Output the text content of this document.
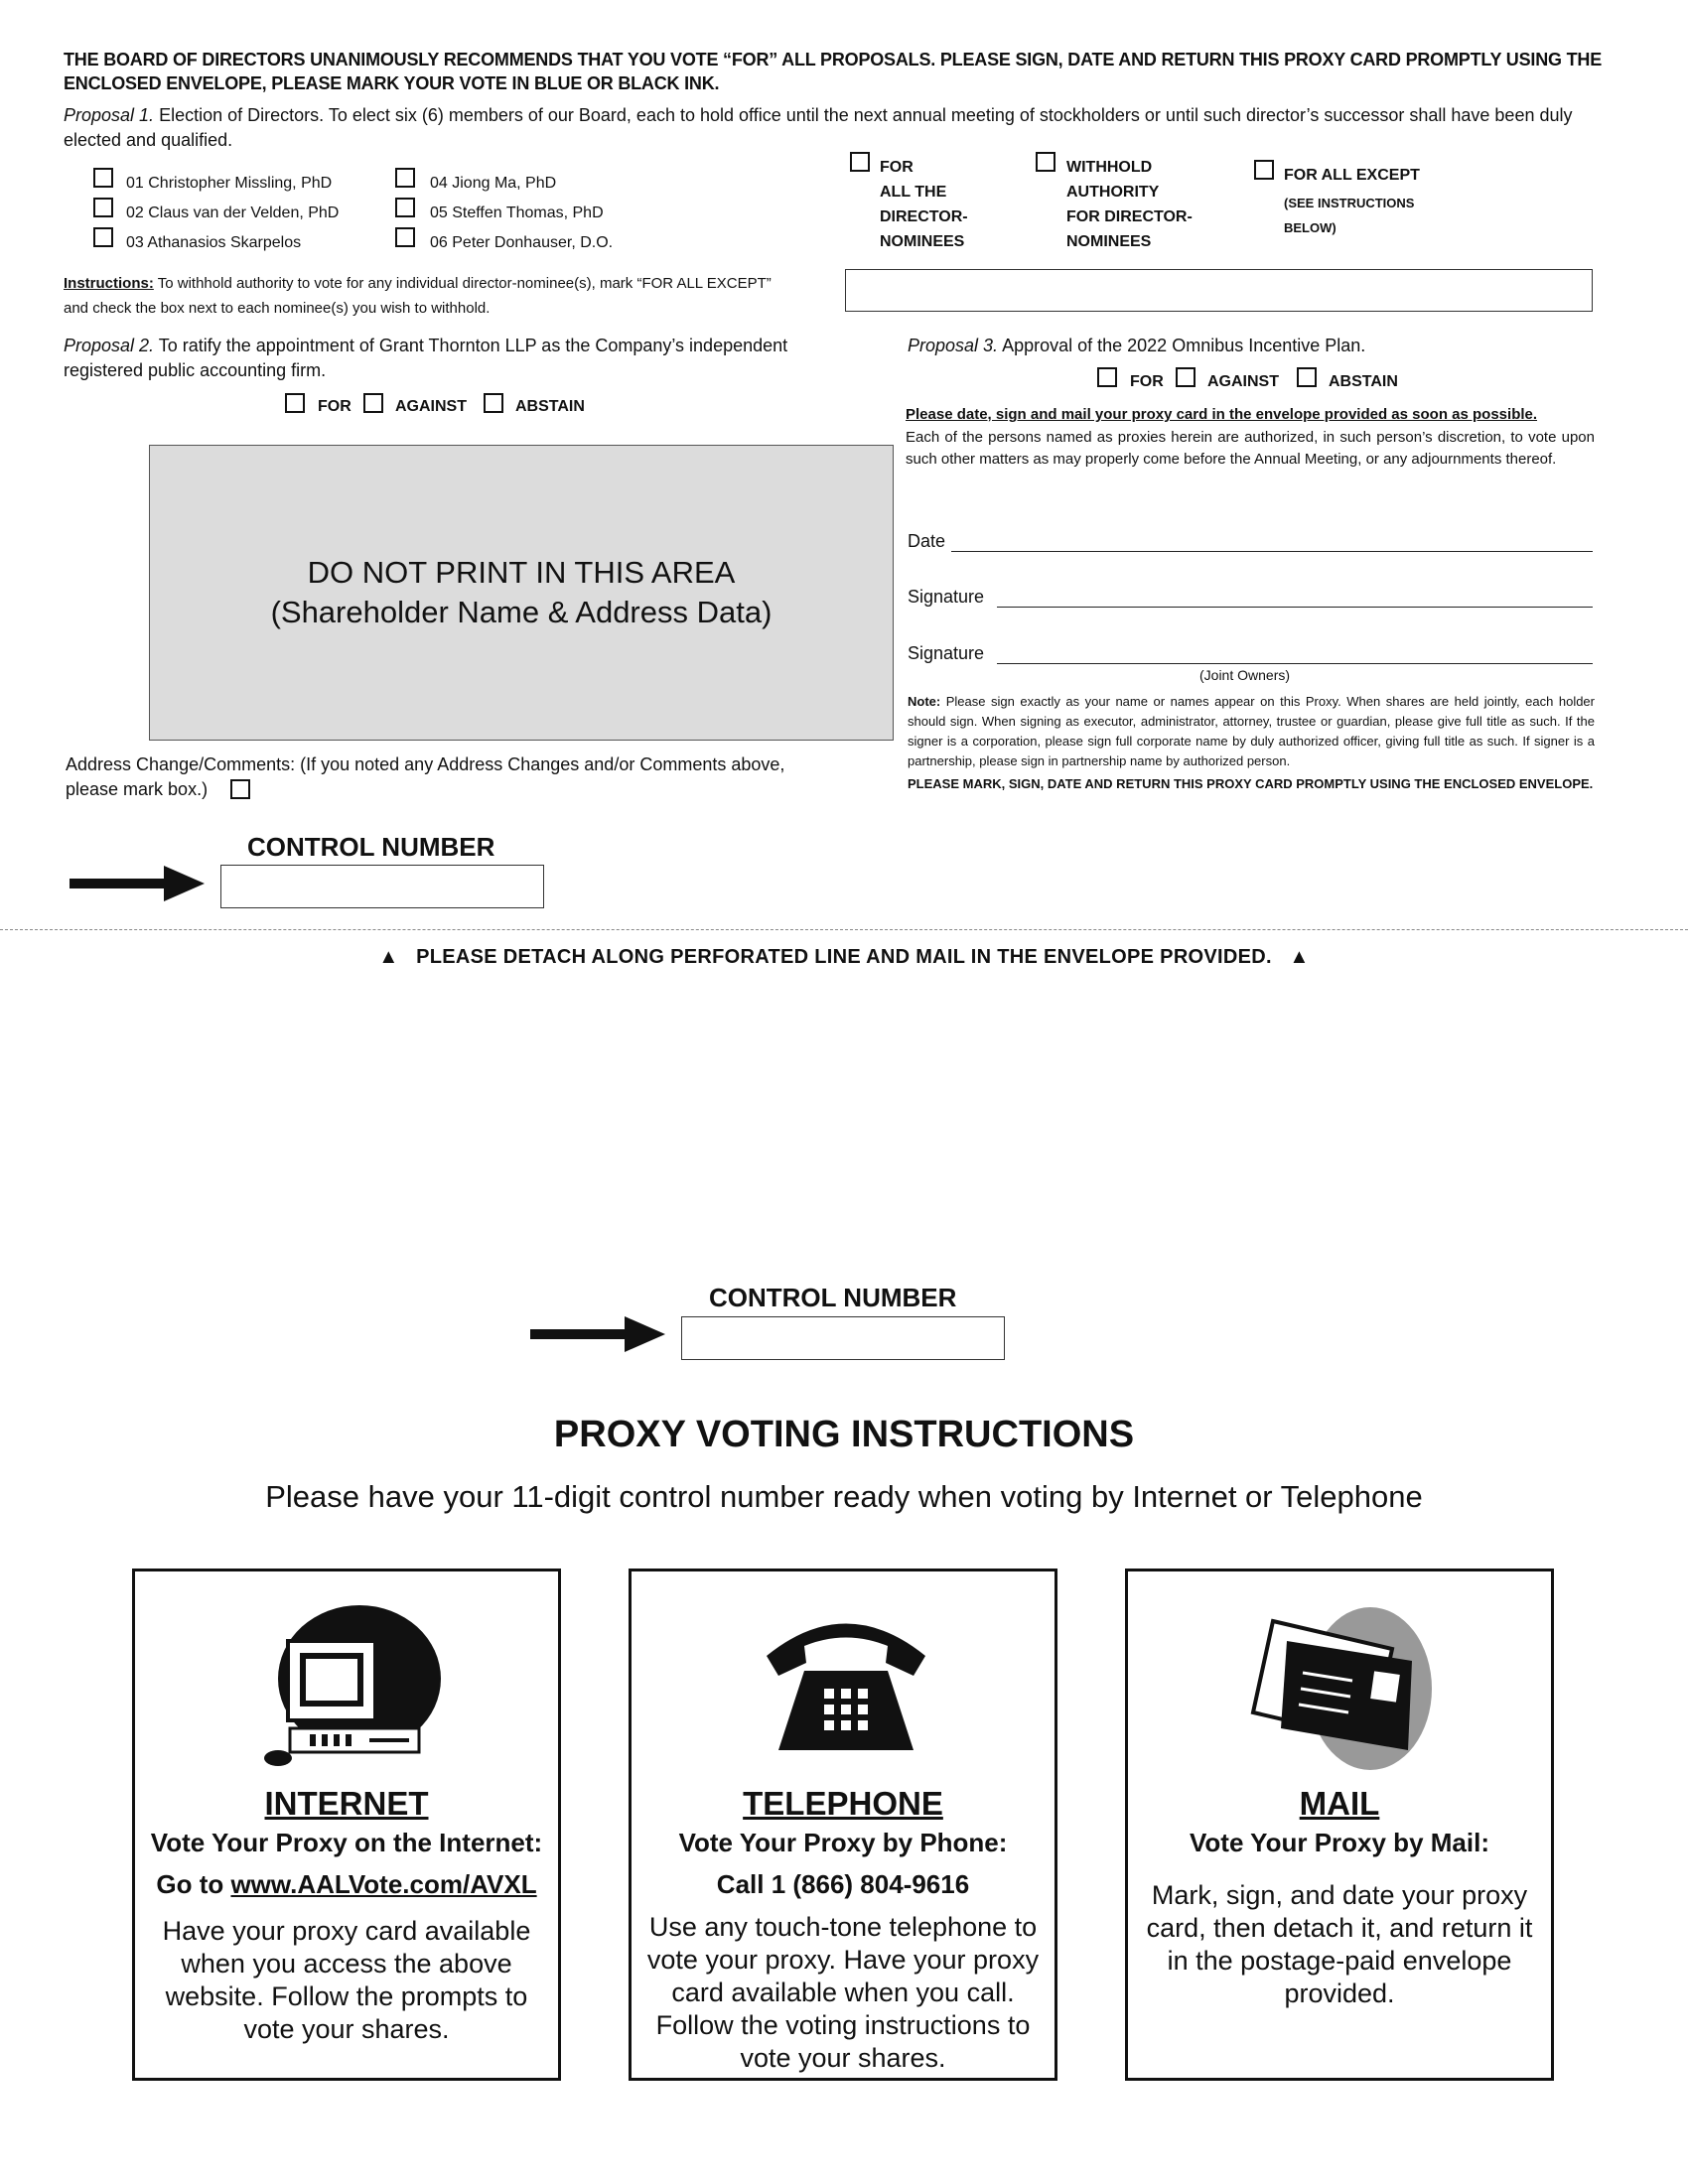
THE BOARD OF DIRECTORS UNANIMOUSLY RECOMMENDS THAT YOU VOTE “FOR” ALL PROPOSALS. PLEASE SIGN, DATE AND RETURN THIS PROXY CARD PROMPTLY USING THE ENCLOSED ENVELOPE, PLEASE MARK YOUR VOTE IN BLUE OR BLACK INK.
Proposal 1. Election of Directors. To elect six (6) members of our Board, each to hold office until the next annual meeting of stockholders or until such director’s successor shall have been duly elected and qualified.
01 Christopher Missling, PhD
02 Claus van der Velden, PhD
03 Athanasios Skarpelos
04 Jiong Ma, PhD
05 Steffen Thomas, PhD
06 Peter Donhauser, D.O.
FOR
ALL THE
DIRECTOR-
NOMINEES
WITHHOLD
AUTHORITY
FOR DIRECTOR-
NOMINEES
FOR ALL EXCEPT
(SEE INSTRUCTIONS
BELOW)
Instructions: To withhold authority to vote for any individual director-nominee(s), mark “FOR ALL EXCEPT”
and check the box next to each nominee(s) you wish to withhold.
Proposal 2. To ratify the appointment of Grant Thornton LLP as the Company’s independent
registered public accounting firm.
FOR	AGAINST	ABSTAIN
Proposal 3. Approval of the 2022 Omnibus Incentive Plan.
FOR	AGAINST	ABSTAIN
Please date, sign and mail your proxy card in the envelope provided as soon as possible.
Each of the persons named as proxies herein are authorized, in such person’s discretion, to vote upon such other matters as may properly come before the Annual Meeting, or any adjournments thereof.
Date
Signature
Signature
(Joint Owners)
Note: Please sign exactly as your name or names appear on this Proxy. When shares are held jointly, each holder should sign. When signing as executor, administrator, attorney, trustee or guardian, please give full title as such. If the signer is a corporation, please sign full corporate name by duly authorized officer, giving full title as such. If signer is a partnership, please sign in partnership name by authorized person.
PLEASE MARK, SIGN, DATE AND RETURN THIS PROXY CARD PROMPTLY USING THE ENCLOSED ENVELOPE.
DO NOT PRINT IN THIS AREA
(Shareholder Name & Address Data)
Address Change/Comments: (If you noted any Address Changes and/or Comments above,
please mark box.)
CONTROL NUMBER
▲ PLEASE DETACH ALONG PERFORATED LINE AND MAIL IN THE ENVELOPE PROVIDED. ▲
CONTROL NUMBER
PROXY VOTING INSTRUCTIONS
Please have your 11-digit control number ready when voting by Internet or Telephone
INTERNET
Vote Your Proxy on the Internet:
Go to www.AALVote.com/AVXL
Have your proxy card available when you access the above website. Follow the prompts to vote your shares.
TELEPHONE
Vote Your Proxy by Phone:
Call 1 (866) 804-9616
Use any touch-tone telephone to vote your proxy. Have your proxy card available when you call. Follow the voting instructions to vote your shares.
MAIL
Vote Your Proxy by Mail:
Mark, sign, and date your proxy card, then detach it, and return it in the postage-paid envelope provided.
